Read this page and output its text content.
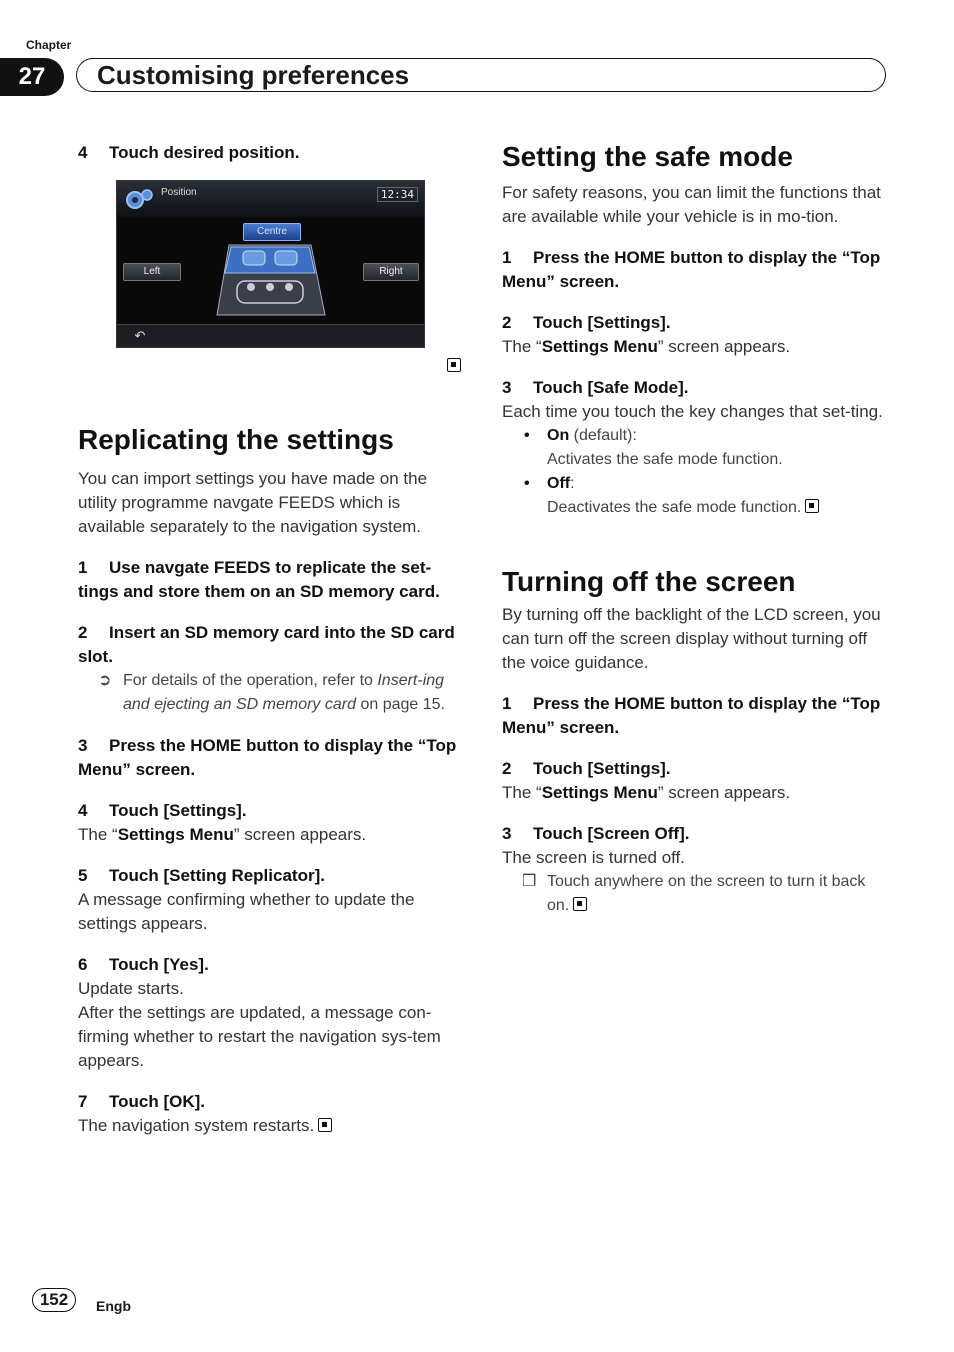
Chapter
27	Customising preferences

4 Touch desired position.

Position	12:34
Centre
Left	Right
↶
Replicating the settings

You can import settings you have made on the utility programme navgate FEEDS which is available separately to the navigation system.

1 Use navgate FEEDS to replicate the set-tings and store them on an SD memory card.

2 Insert an SD memory card into the SD card slot.

➲ For details of the operation, refer to Insert-ing and ejecting an SD memory card on page 15.

3 Press the HOME button to display the “Top Menu” screen.

4 Touch [Settings].

The “Settings Menu” screen appears.

5 Touch [Setting Replicator].

A message confirming whether to update the settings appears.

6 Touch [Yes].

Update starts.

After the settings are updated, a message con-firming whether to restart the navigation sys-tem appears.

7 Touch [OK].

The navigation system restarts.

Setting the safe mode

For safety reasons, you can limit the functions that are available while your vehicle is in mo-tion.

1 Press the HOME button to display the “Top Menu” screen.

2 Touch [Settings].

The “Settings Menu” screen appears.

3 Touch [Safe Mode].

Each time you touch the key changes that set-ting.

• On (default):
Activates the safe mode function.
• Off:
Deactivates the safe mode function.
Turning off the screen

By turning off the backlight of the LCD screen, you can turn off the screen display without turning off the voice guidance.

1 Press the HOME button to display the “Top Menu” screen.

2 Touch [Settings].

The “Settings Menu” screen appears.

3 Touch [Screen Off].

The screen is turned off.

❒ Touch anywhere on the screen to turn it back on.
152	Engb
